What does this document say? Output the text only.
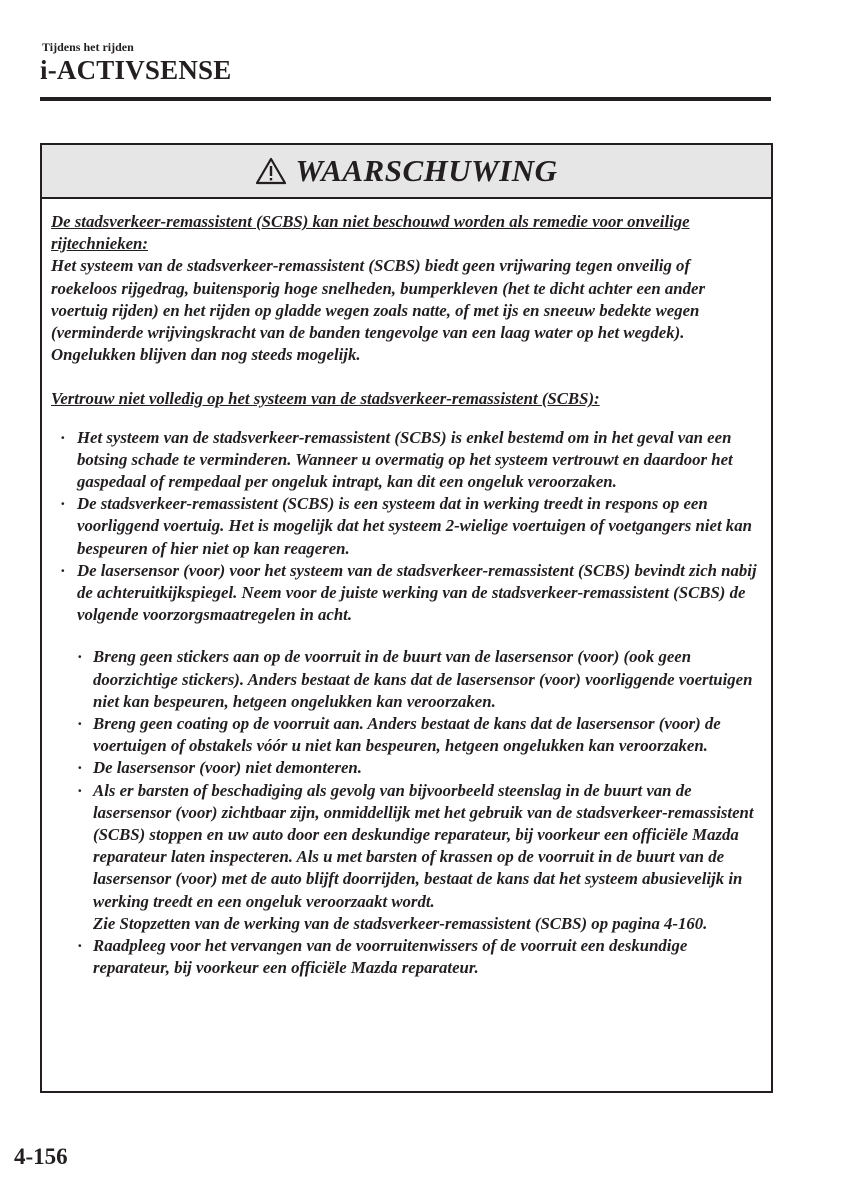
Tijdens het rijden
i-ACTIVSENSE
WAARSCHUWING

De stadsverkeer-remassistent (SCBS) kan niet beschouwd worden als remedie voor onveilige rijtechnieken:

Het systeem van de stadsverkeer-remassistent (SCBS) biedt geen vrijwaring tegen onveilig of roekeloos rijgedrag, buitensporig hoge snelheden, bumperkleven (het te dicht achter een ander voertuig rijden) en het rijden op gladde wegen zoals natte, of met ijs en sneeuw bedekte wegen (verminderde wrijvingskracht van de banden tengevolge van een laag water op het wegdek). Ongelukken blijven dan nog steeds mogelijk.

Vertrouw niet volledig op het systeem van de stadsverkeer-remassistent (SCBS):

· Het systeem van de stadsverkeer-remassistent (SCBS) is enkel bestemd om in het geval van een botsing schade te verminderen. Wanneer u overmatig op het systeem vertrouwt en daardoor het gaspedaal of rempedaal per ongeluk intrapt, kan dit een ongeluk veroorzaken.
· De stadsverkeer-remassistent (SCBS) is een systeem dat in werking treedt in respons op een voorliggend voertuig. Het is mogelijk dat het systeem 2-wielige voertuigen of voetgangers niet kan bespeuren of hier niet op kan reageren.
· De lasersensor (voor) voor het systeem van de stadsverkeer-remassistent (SCBS) bevindt zich nabij de achteruitkijkspiegel. Neem voor de juiste werking van de stadsverkeer-remassistent (SCBS) de volgende voorzorgsmaatregelen in acht.
· Breng geen stickers aan op de voorruit in de buurt van de lasersensor (voor) (ook geen doorzichtige stickers). Anders bestaat de kans dat de lasersensor (voor) voorliggende voertuigen niet kan bespeuren, hetgeen ongelukken kan veroorzaken.
· Breng geen coating op de voorruit aan. Anders bestaat de kans dat de lasersensor (voor) de voertuigen of obstakels vóór u niet kan bespeuren, hetgeen ongelukken kan veroorzaken.
· De lasersensor (voor) niet demonteren.
· Als er barsten of beschadiging als gevolg van bijvoorbeeld steenslag in de buurt van de lasersensor (voor) zichtbaar zijn, onmiddellijk met het gebruik van de stadsverkeer-remassistent (SCBS) stoppen en uw auto door een deskundige reparateur, bij voorkeur een officiële Mazda reparateur laten inspecteren. Als u met barsten of krassen op de voorruit in de buurt van de lasersensor (voor) met de auto blijft doorrijden, bestaat de kans dat het systeem abusievelijk in werking treedt en een ongeluk veroorzaakt wordt.
Zie Stopzetten van de werking van de stadsverkeer-remassistent (SCBS) op pagina 4-160.
· Raadpleeg voor het vervangen van de voorruitenwissers of de voorruit een deskundige reparateur, bij voorkeur een officiële Mazda reparateur.
4-156
